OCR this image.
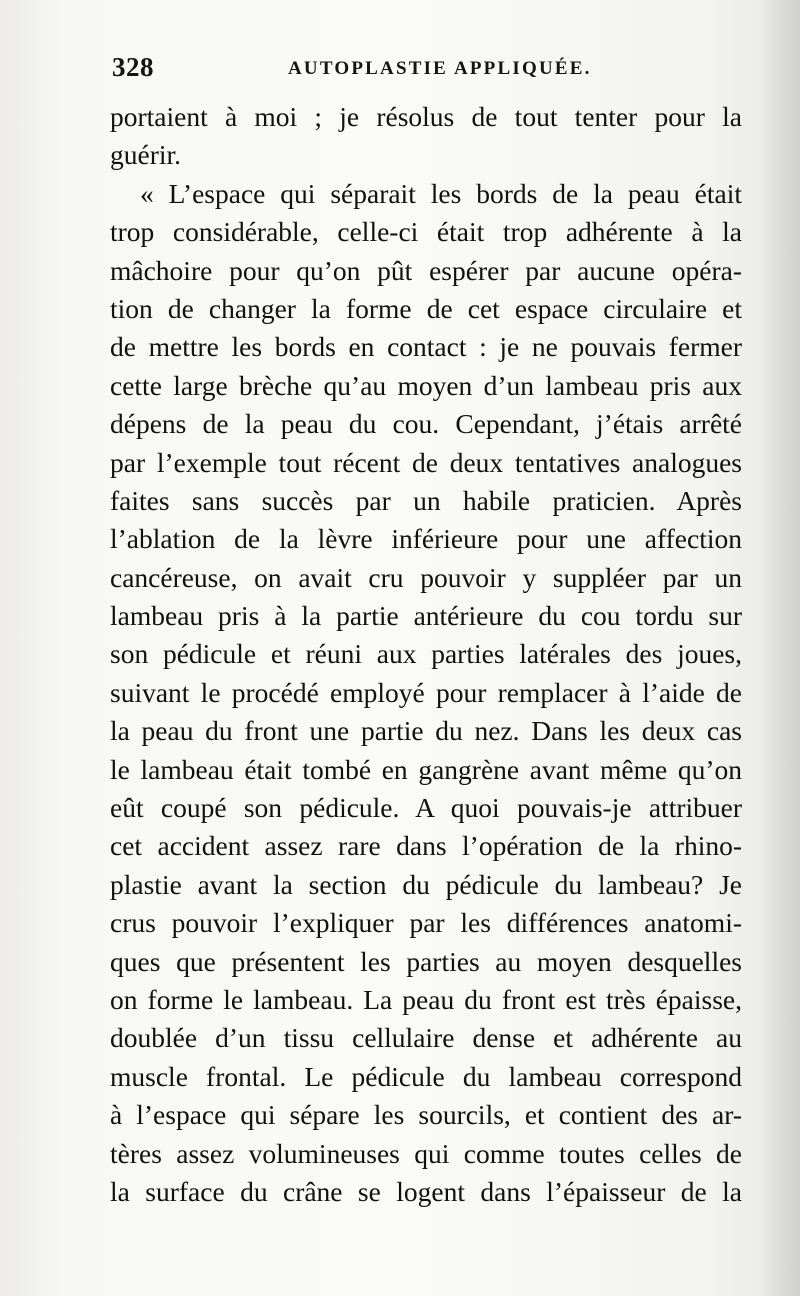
328	AUTOPLASTIE APPLIQUÉE.
portaient à moi ; je résolus de tout tenter pour la
guérir.
« L’espace qui séparait les bords de la peau était
trop considérable, celle-ci était trop adhérente à la
mâchoire pour qu’on pût espérer par aucune opéra-
tion de changer la forme de cet espace circulaire et
de mettre les bords en contact : je ne pouvais fermer
cette large brèche qu’au moyen d’un lambeau pris aux
dépens de la peau du cou. Cependant, j’étais arrêté
par l’exemple tout récent de deux tentatives analogues
faites sans succès par un habile praticien. Après
l’ablation de la lèvre inférieure pour une affection
cancéreuse, on avait cru pouvoir y suppléer par un
lambeau pris à la partie antérieure du cou tordu sur
son pédicule et réuni aux parties latérales des joues,
suivant le procédé employé pour remplacer à l’aide de
la peau du front une partie du nez. Dans les deux cas
le lambeau était tombé en gangrène avant même qu’on
eût coupé son pédicule. A quoi pouvais-je attribuer
cet accident assez rare dans l’opération de la rhino-
plastie avant la section du pédicule du lambeau? Je
crus pouvoir l’expliquer par les différences anatomi-
ques que présentent les parties au moyen desquelles
on forme le lambeau. La peau du front est très épaisse,
doublée d’un tissu cellulaire dense et adhérente au
muscle frontal. Le pédicule du lambeau correspond
à l’espace qui sépare les sourcils, et contient des ar-
tères assez volumineuses qui comme toutes celles de
la surface du crâne se logent dans l’épaisseur de la
